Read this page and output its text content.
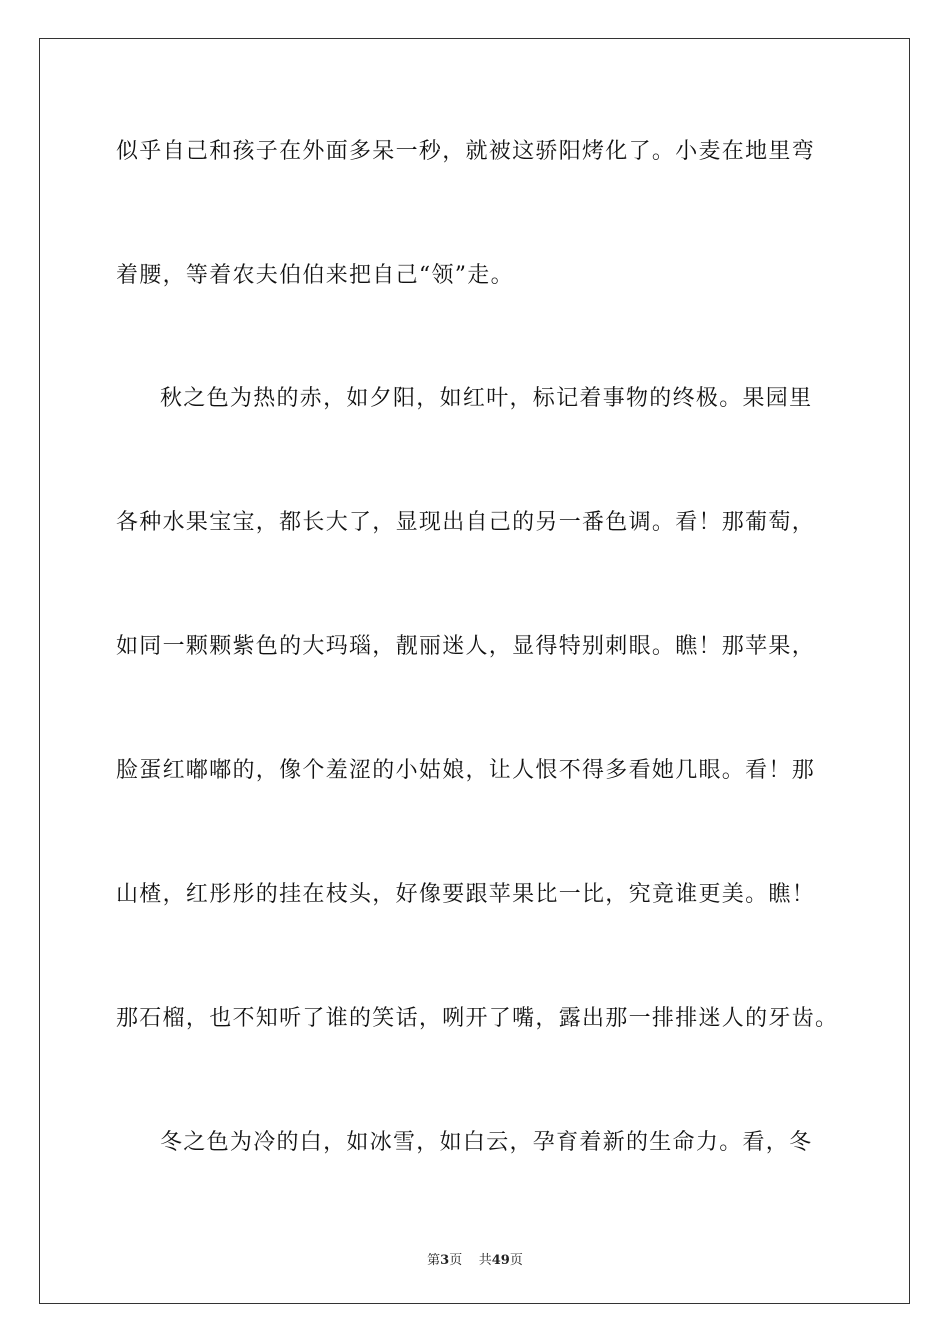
似乎自己和孩子在外面多呆一秒，就被这骄阳烤化了。小麦在地里弯
着腰，等着农夫伯伯来把自己“领”走。
秋之色为热的赤，如夕阳，如红叶，标记着事物的终极。果园里
各种水果宝宝，都长大了，显现出自己的另一番色调。看！那葡萄，
如同一颗颗紫色的大玛瑙，靓丽迷人，显得特别刺眼。瞧！那苹果，
脸蛋红嘟嘟的，像个羞涩的小姑娘，让人恨不得多看她几眼。看！那
山楂，红彤彤的挂在枝头，好像要跟苹果比一比，究竟谁更美。瞧！
那石榴，也不知听了谁的笑话，咧开了嘴，露出那一排排迷人的牙齿。
冬之色为冷的白，如冰雪，如白云，孕育着新的生命力。看，冬
第3页 共49页
